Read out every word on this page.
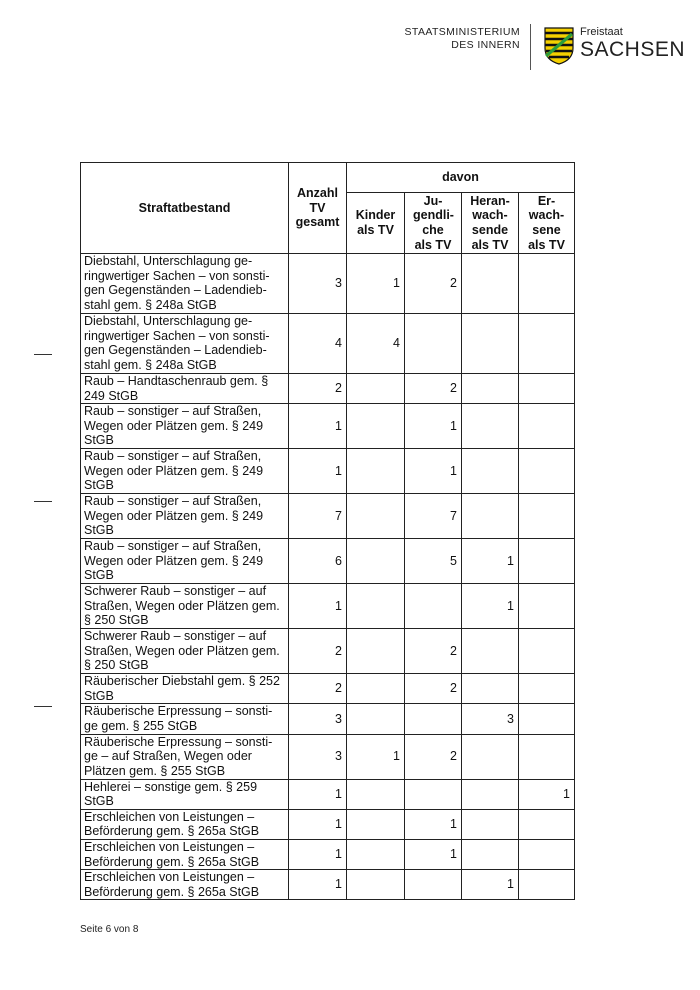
STAATSMINISTERIUM
DES INNERN
Freistaat
SACHSEN
Straftatbestand	Anzahl TV gesamt	davon			

		Kinder als TV	Ju-gendli-che als TV	Heran-wach-sende als TV	Er-wach-sene als TV

Diebstahl, Unterschlagung ge-ringwertiger Sachen – von sonsti-gen Gegenständen – Ladendieb-stahl gem. § 248a StGB	3	1	2		
Diebstahl, Unterschlagung ge-ringwertiger Sachen – von sonsti-gen Gegenständen – Ladendieb-stahl gem. § 248a StGB	4	4			
Raub – Handtaschenraub gem. § 249 StGB	2		2		
Raub – sonstiger – auf Straßen, Wegen oder Plätzen gem. § 249 StGB	1		1		
Raub – sonstiger – auf Straßen, Wegen oder Plätzen gem. § 249 StGB	1		1		
Raub – sonstiger – auf Straßen, Wegen oder Plätzen gem. § 249 StGB	7		7		
Raub – sonstiger – auf Straßen, Wegen oder Plätzen gem. § 249 StGB	6		5	1	
Schwerer Raub – sonstiger – auf Straßen, Wegen oder Plätzen gem. § 250 StGB	1			1	
Schwerer Raub – sonstiger – auf Straßen, Wegen oder Plätzen gem. § 250 StGB	2		2		
Räuberischer Diebstahl gem. § 252 StGB	2		2		
Räuberische Erpressung – sonsti-ge gem. § 255 StGB	3			3	
Räuberische Erpressung – sonsti-ge – auf Straßen, Wegen oder Plätzen gem. § 255 StGB	3	1	2		
Hehlerei – sonstige gem. § 259 StGB	1				1
Erschleichen von Leistungen – Beförderung gem. § 265a StGB	1		1		
Erschleichen von Leistungen – Beförderung gem. § 265a StGB	1		1		
Erschleichen von Leistungen – Beförderung gem. § 265a StGB	1			1	
Seite 6 von 8
